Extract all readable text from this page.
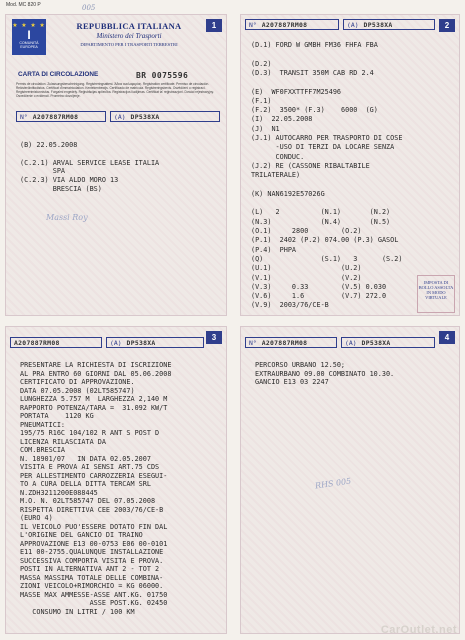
Mod. MC 820 P	005
★ ★ ★ ★
I
COMUNITÀ EUROPEA
REPUBBLICA ITALIANA
Ministero dei Trasporti
DIPARTIMENTO PER I TRASPORTI TERRESTRI
1
CARTA DI CIRCOLAZIONE	BR 0075596
Permis de circulation. Zulassungsbescheinigung. Registreringsattest. Άδεια κυκλοφορίας. Registration certificate. Permiso de circulación. Rekisteröintitodistus. Certificat d'immatriculation. Kentekenbewijs. Certificado de matrícula. Registreringsbevis. Osvědčení o registraci. Registreerimistunnistus. Forgalmi engedély. Reģistrācijas apliecība. Registracijos liudijimas. Ċertifikat ta' reġistrazzjoni. Dowód rejestracyjny. Osvedčenie o evidencii. Prometno dovoljenje.
N° A207887RM08	(A) DP538XA
(B) 22.05.2008
(C.2.1) ARVAL SERVICE LEASE ITALIA
SPA
(C.2.3) VIA ALDO MORO 13
BRESCIA (BS)
Massi Roy
2
N° A207887RM08	(A) DP538XA
(D.1) FORD W GMBH FM36 FHFA FBA
(D.2)
(D.3)  TRANSIT 350M CAB RD 2.4
(E)  WF0FXXTTFF7M25496
(F.1)
(F.2)  3500* (F.3)    6000  (G)
(I)  22.05.2008
(J)  N1
(J.1) AUTOCARRO PER TRASPORTO DI COSE
-USO DI TERZI DA LOCARE SENZA
CONDUC.
(J.2) RE (CASSONE RIBALTABILE
TRILATERALE)
(K) NAN6192E57026G
(L)   2          (N.1)       (N.2)
(N.3)            (N.4)       (N.5)
(O.1)     2800        (O.2)
(P.1)  2402 (P.2) 074.00 (P.3) GASOL
(P.4)  PHPA
(Q)              (S.1)   3      (S.2)
(U.1)                 (U.2)
(V.1)                 (V.2)
(V.3)     0.33        (V.5) 0.030
(V.6)     1.6         (V.7) 272.0
(V.9)  2003/76/CE-B
IMPOSTA DI BOLLO ASSOLTA IN MODO VIRTUALE
3
A207887RM08	(A) DP538XA
PRESENTARE LA RICHIESTA DI ISCRIZIONE
AL PRA ENTRO 60 GIORNI DAL 05.06.2008
CERTIFICATO DI APPROVAZIONE.
DATA 07.05.2008 (02LT585747)
LUNGHEZZA 5.757 M  LARGHEZZA 2,140 M
RAPPORTO POTENZA/TARA =  31.092 KW/T
PORTATA    1120 KG
PNEUMATICI:
195/75 R16C 104/102 R ANT S POST D
LICENZA RILASCIATA DA
COM.BRESCIA
N. 18901/07   IN DATA 02.05.2007
VISITA E PROVA AI SENSI ART.75 CDS
PER ALLESTIMENTO CARROZZERIA ESEGUI-
TO A CURA DELLA DITTA TERCAM SRL
N.ZDH3211200E088445
M.O. N. 02LT585747 DEL 07.05.2008
RISPETTA DIRETTIVA CEE 2003/76/CE-B
(EURO 4)
IL VEICOLO PUO'ESSERE DOTATO FIN DAL
L'ORIGINE DEL GANCIO DI TRAINO
APPROVAZIONE E13 00-0753 E06 00-0101
E11 00-2755.QUALUNQUE INSTALLAZIONE
SUCCESSIVA COMPORTA VISITA E PROVA.
POSTI IN ALTERNATIVA ANT 2 - TOT 2
MASSA MASSIMA TOTALE DELLE COMBINA-
ZIONI VEICOLO+RIMORCHIO = KG 06000.
MASSE MAX AMMESSE-ASSE ANT.KG. 01750
ASSE POST.KG. 02450
CONSUMO IN LITRI / 100 KM
4
N° A207887RM08	(A) DP538XA
PERCORSO URBANO 12.50;
EXTRAURBANO 09.00 COMBINATO 10.30.
GANCIO E13 03 2247
RHS 005
CarOutlet.net
